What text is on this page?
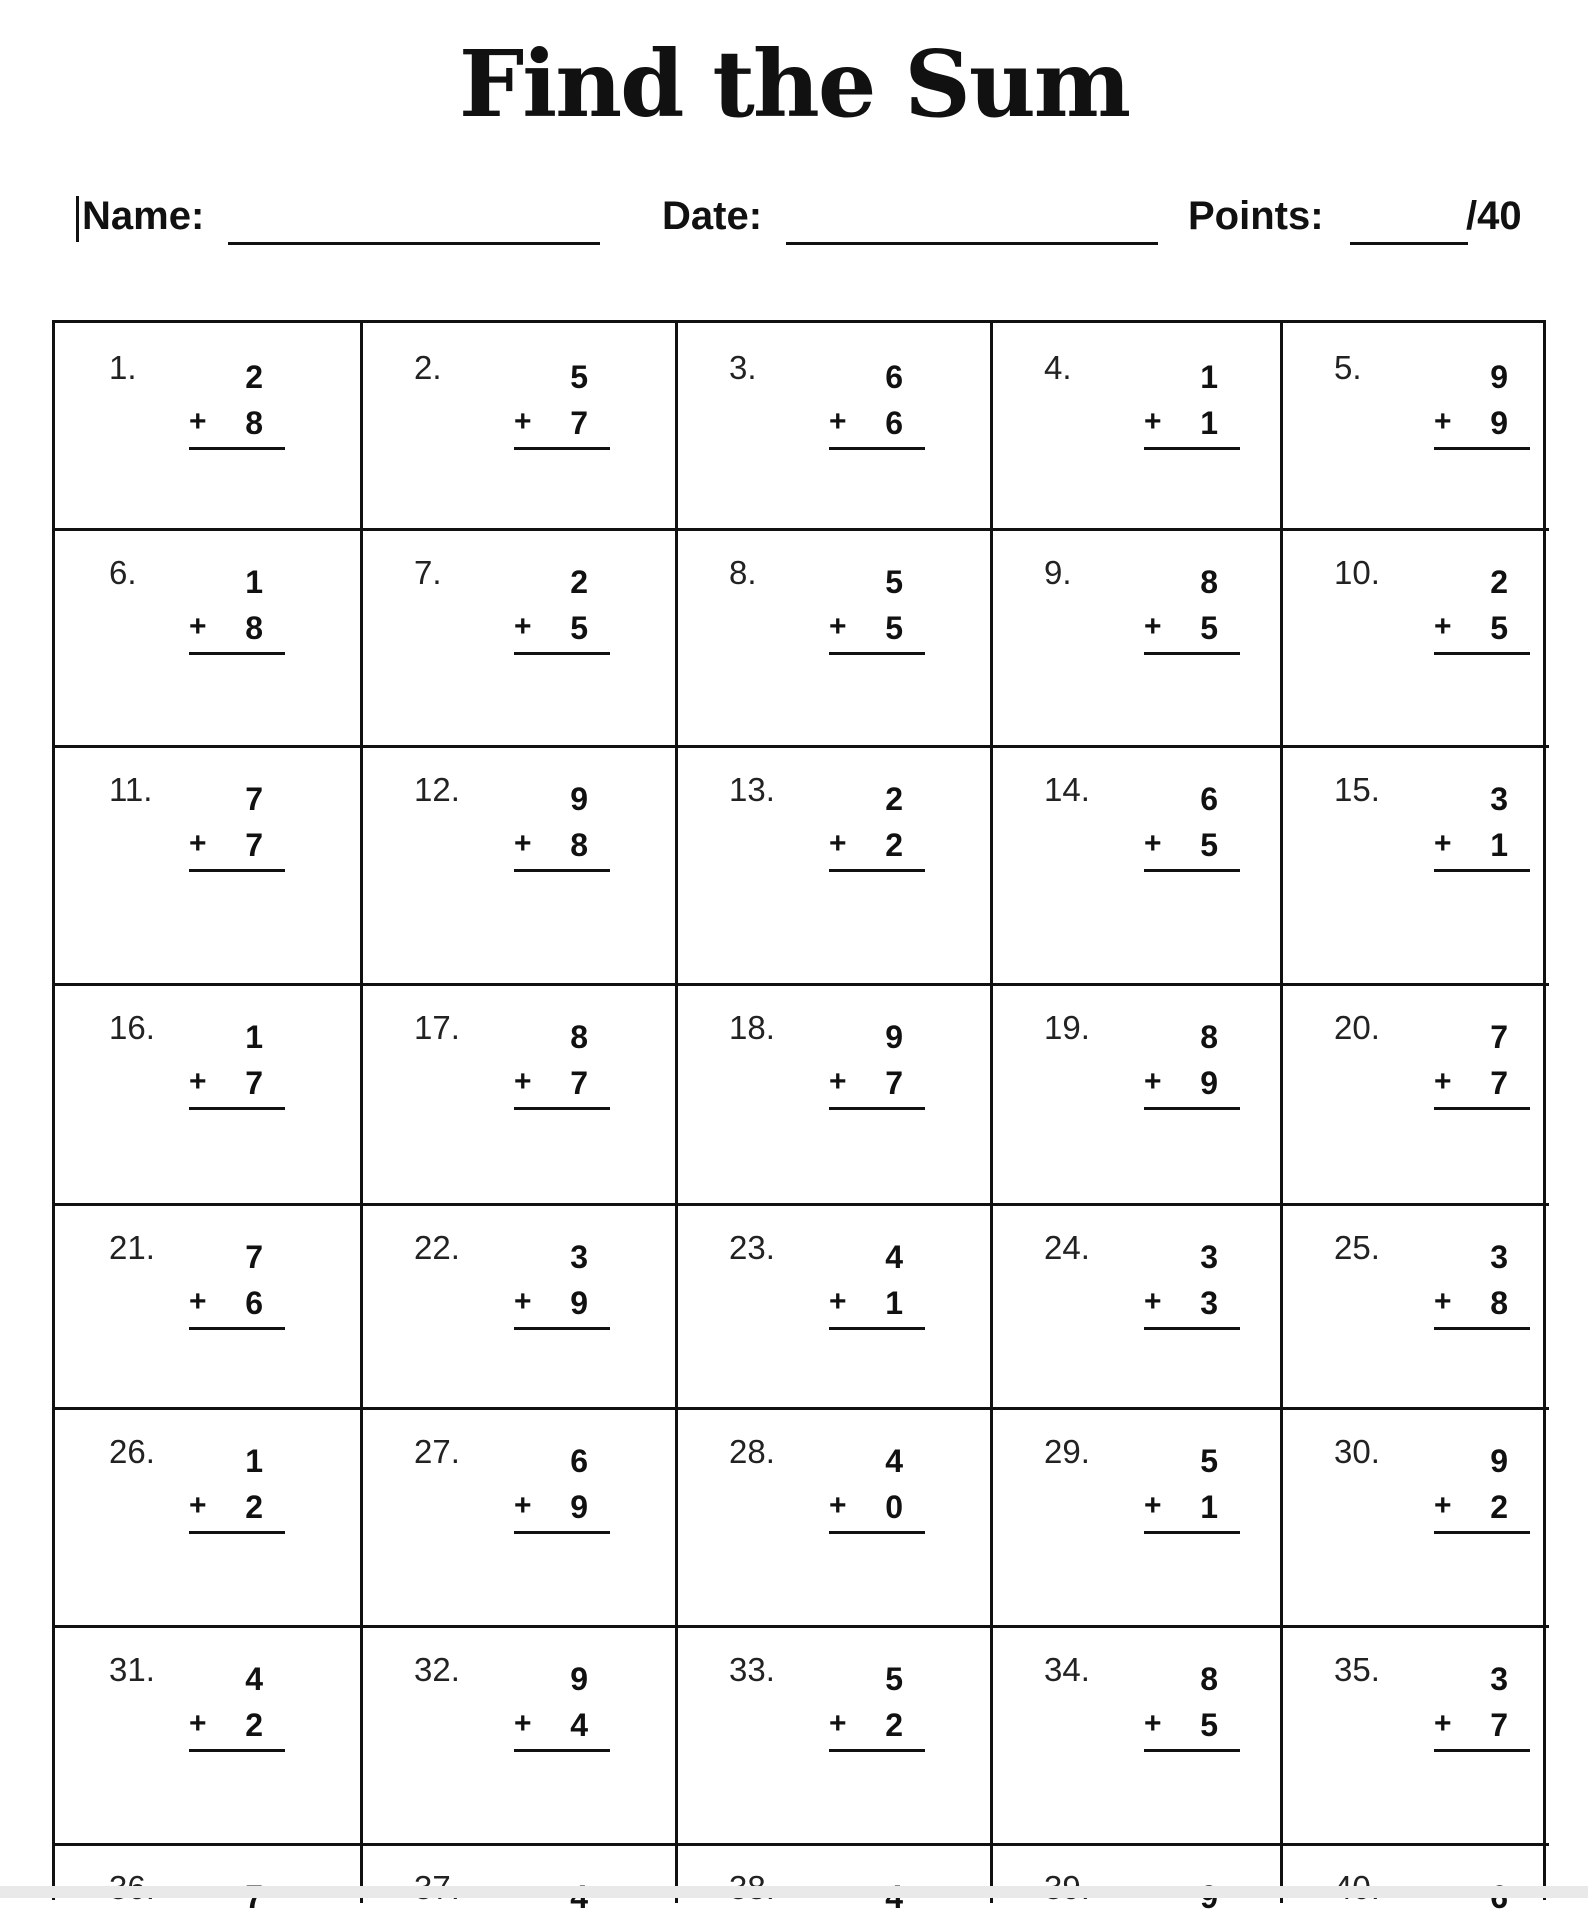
Find the Sum
Name:	Date:	Points:	/40
1.	2
+ 8
2.	5
+ 7
3.	6
+ 6
4.	1
+ 1
5.	9
+ 9
6.	1
+ 8
7.	2
+ 5
8.	5
+ 5
9.	8
+ 5
10.	2
+ 5
11.	7
+ 7
12.	9
+ 8
13.	2
+ 2
14.	6
+ 5
15.	3
+ 1
16.	1
+ 7
17.	8
+ 7
18.	9
+ 7
19.	8
+ 9
20.	7
+ 7
21.	7
+ 6
22.	3
+ 9
23.	4
+ 1
24.	3
+ 3
25.	3
+ 8
26.	1
+ 2
27.	6
+ 9
28.	4
+ 0
29.	5
+ 1
30.	9
+ 2
31.	4
+ 2
32.	9
+ 4
33.	5
+ 2
34.	8
+ 5
35.	3
+ 7
